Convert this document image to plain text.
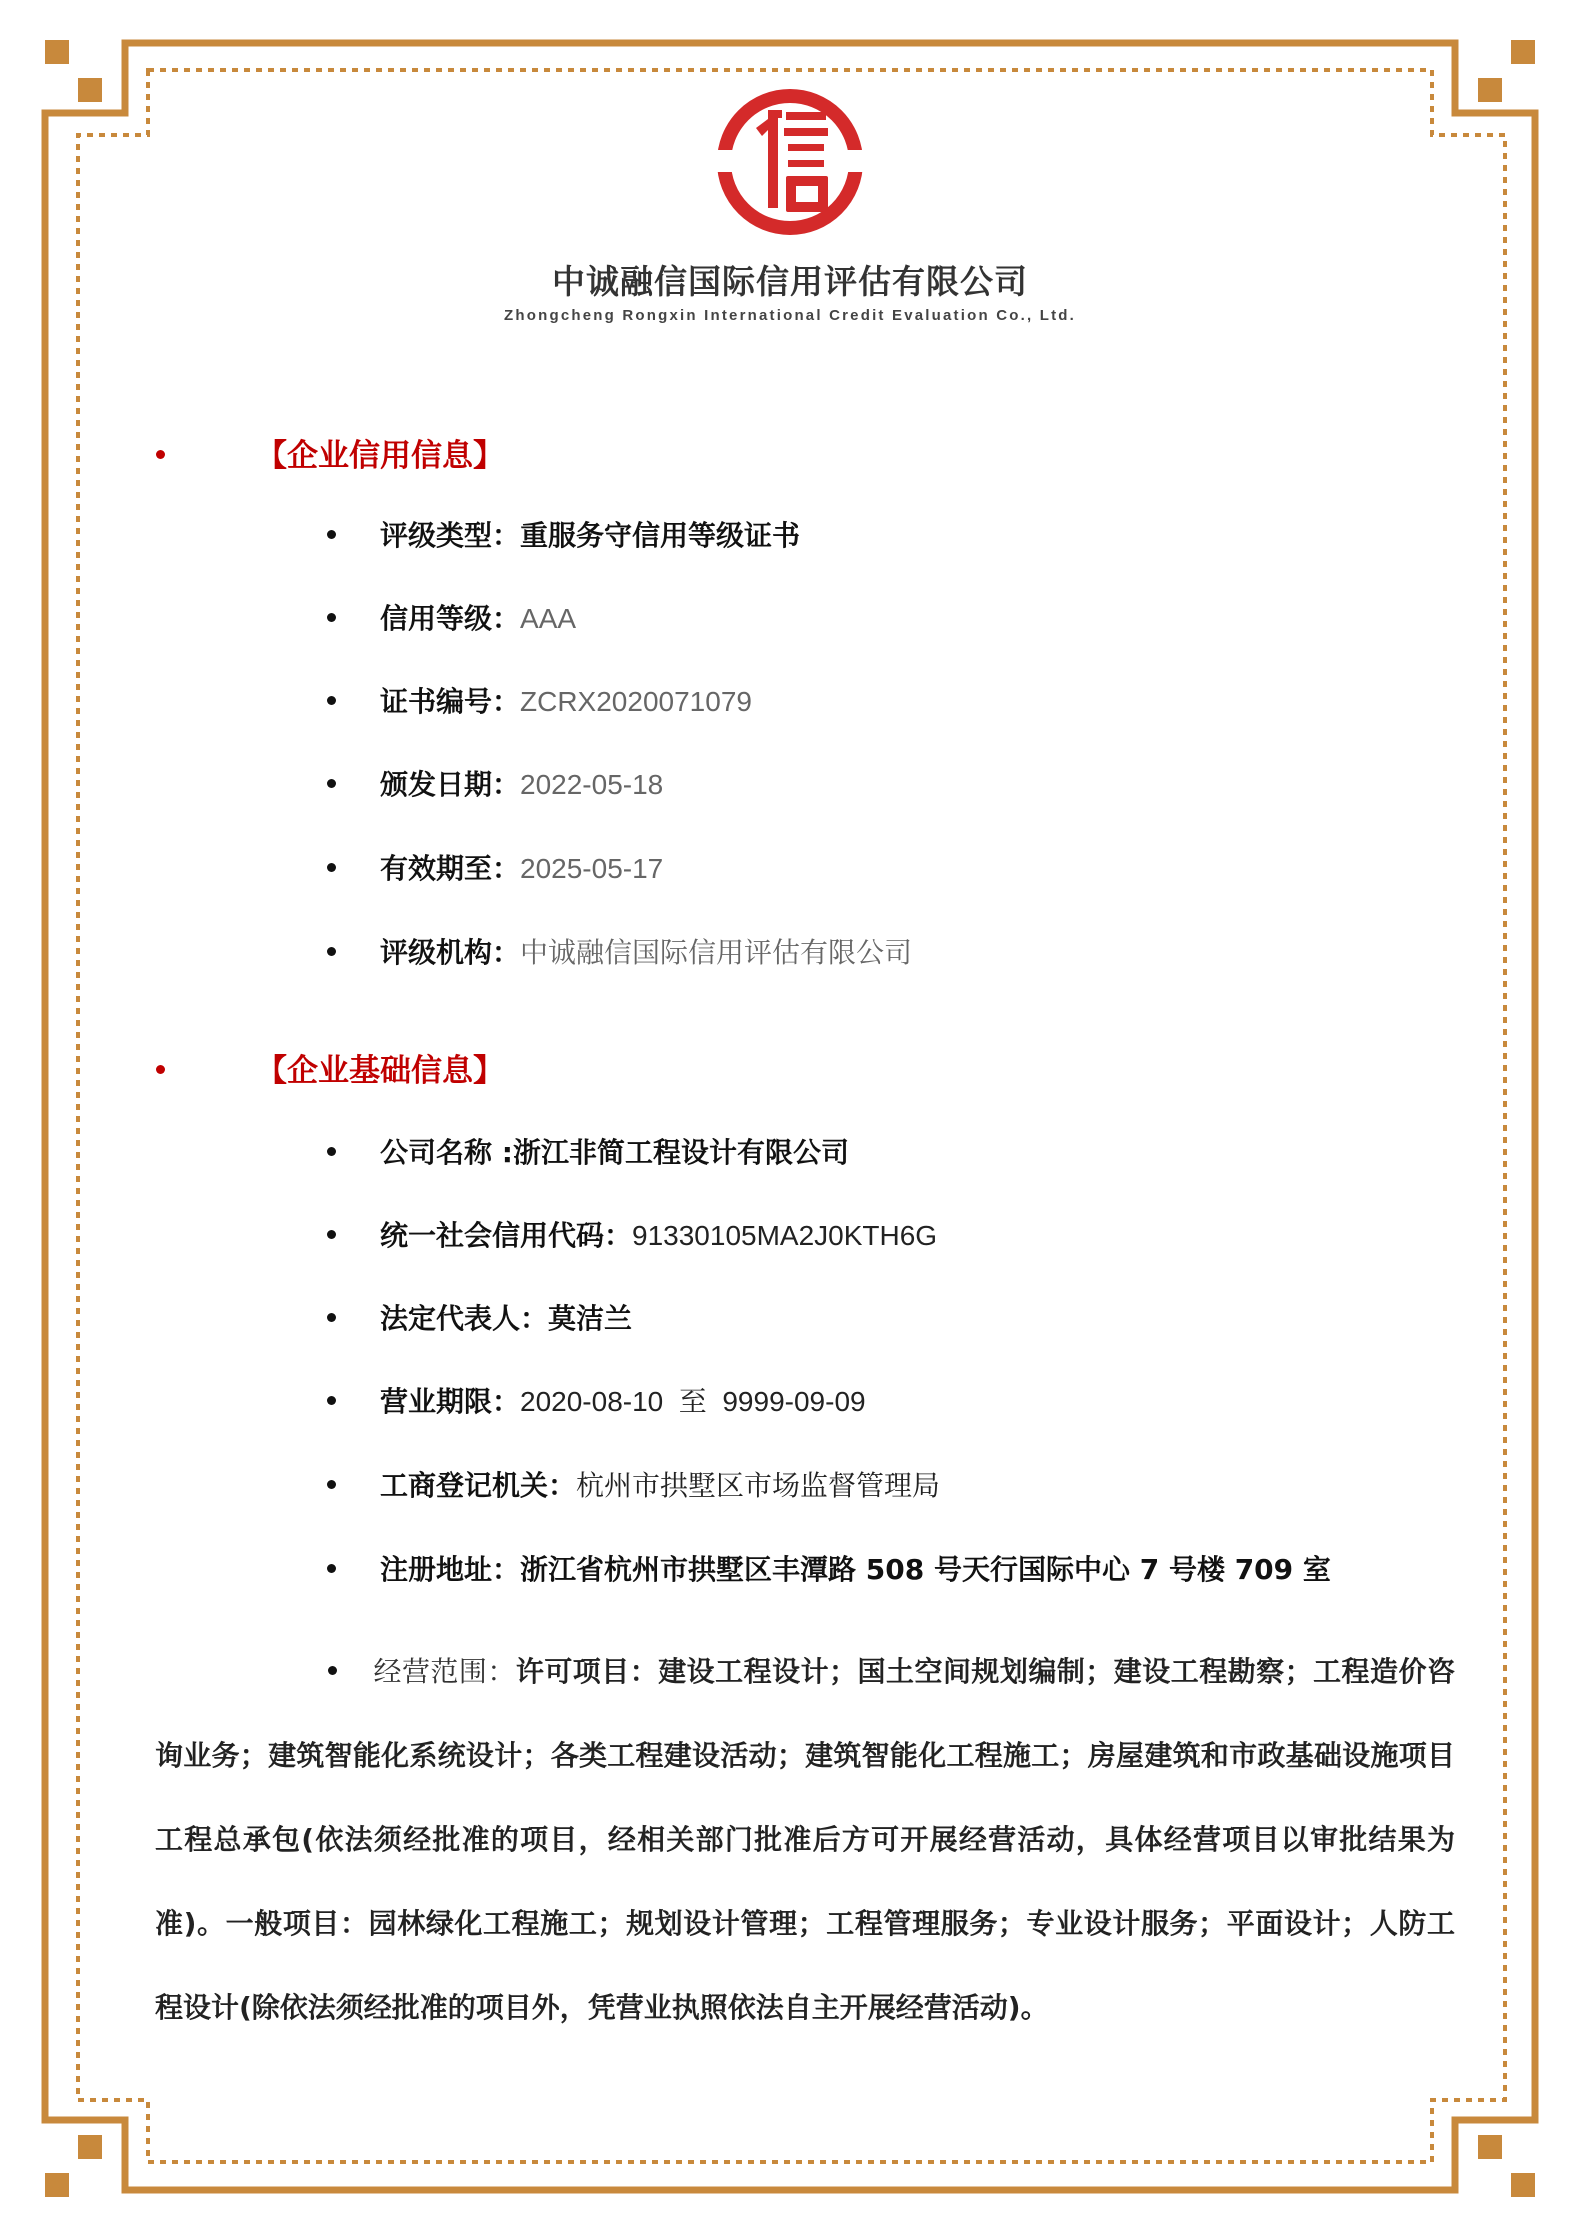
中诚融信国际信用评估有限公司
Zhongcheng Rongxin International Credit Evaluation Co., Ltd.
【企业信用信息】
评级类型：重服务守信用等级证书
信用等级：AAA
证书编号：ZCRX2020071079
颁发日期：2022-05-18
有效期至：2025-05-17
评级机构：中诚融信国际信用评估有限公司
【企业基础信息】
公司名称 :浙江非简工程设计有限公司
统一社会信用代码：91330105MA2J0KTH6G
法定代表人：莫洁兰
营业期限：2020-08-10  至  9999-09-09
工商登记机关：杭州市拱墅区市场监督管理局
注册地址：浙江省杭州市拱墅区丰潭路 508 号天行国际中心 7 号楼 709 室
经营范围：许可项目：建设工程设计；国土空间规划编制；建设工程勘察；工程造价咨询业务；建筑智能化系统设计；各类工程建设活动；建筑智能化工程施工；房屋建筑和市政基础设施项目工程总承包(依法须经批准的项目，经相关部门批准后方可开展经营活动，具体经营项目以审批结果为准)。一般项目：园林绿化工程施工；规划设计管理；工程管理服务；专业设计服务；平面设计；人防工程设计(除依法须经批准的项目外，凭营业执照依法自主开展经营活动)。
